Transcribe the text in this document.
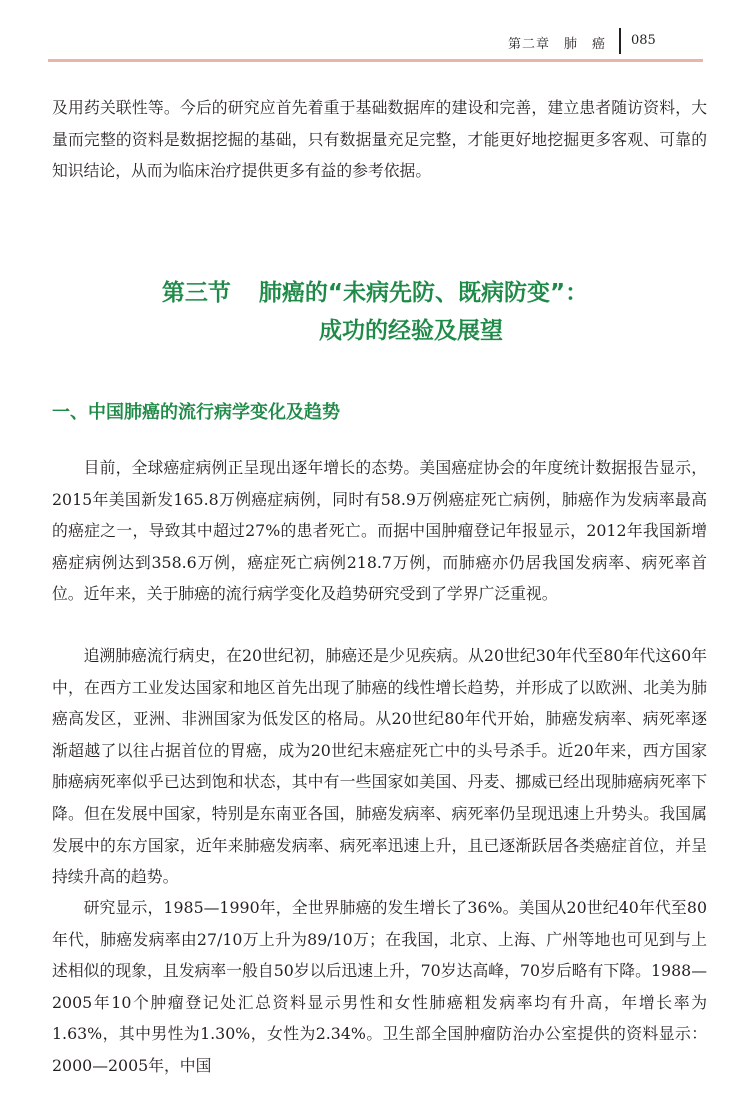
第二章　肺　癌 085

及用药关联性等。今后的研究应首先着重于基础数据库的建设和完善，建立患者随访资料，大量而完整的资料是数据挖掘的基础，只有数据量充足完整，才能更好地挖掘更多客观、可靠的知识结论，从而为临床治疗提供更多有益的参考依据。

第三节 肺癌的“未病先防、既病防变”：
成功的经验及展望
一、中国肺癌的流行病学变化及趋势

目前，全球癌症病例正呈现出逐年增长的态势。美国癌症协会的年度统计数据报告显示，2015年美国新发165.8万例癌症病例，同时有58.9万例癌症死亡病例，肺癌作为发病率最高的癌症之一，导致其中超过27%的患者死亡。而据中国肿瘤登记年报显示，2012年我国新增癌症病例达到358.6万例，癌症死亡病例218.7万例，而肺癌亦仍居我国发病率、病死率首位。近年来，关于肺癌的流行病学变化及趋势研究受到了学界广泛重视。

追溯肺癌流行病史，在20世纪初，肺癌还是少见疾病。从20世纪30年代至80年代这60年中，在西方工业发达国家和地区首先出现了肺癌的线性增长趋势，并形成了以欧洲、北美为肺癌高发区，亚洲、非洲国家为低发区的格局。从20世纪80年代开始，肺癌发病率、病死率逐渐超越了以往占据首位的胃癌，成为20世纪末癌症死亡中的头号杀手。近20年来，西方国家肺癌病死率似乎已达到饱和状态，其中有一些国家如美国、丹麦、挪威已经出现肺癌病死率下降。但在发展中国家，特别是东南亚各国，肺癌发病率、病死率仍呈现迅速上升势头。我国属发展中的东方国家，近年来肺癌发病率、病死率迅速上升，且已逐渐跃居各类癌症首位，并呈持续升高的趋势。

研究显示，1985—1990年，全世界肺癌的发生增长了36%。美国从20世纪40年代至80年代，肺癌发病率由27/10万上升为89/10万；在我国，北京、上海、广州等地也可见到与上述相似的现象，且发病率一般自50岁以后迅速上升，70岁达高峰，70岁后略有下降。1988—2005年10个肿瘤登记处汇总资料显示男性和女性肺癌粗发病率均有升高，年增长率为1.63%，其中男性为1.30%，女性为2.34%。卫生部全国肿瘤防治办公室提供的资料显示：2000—2005年，中国
